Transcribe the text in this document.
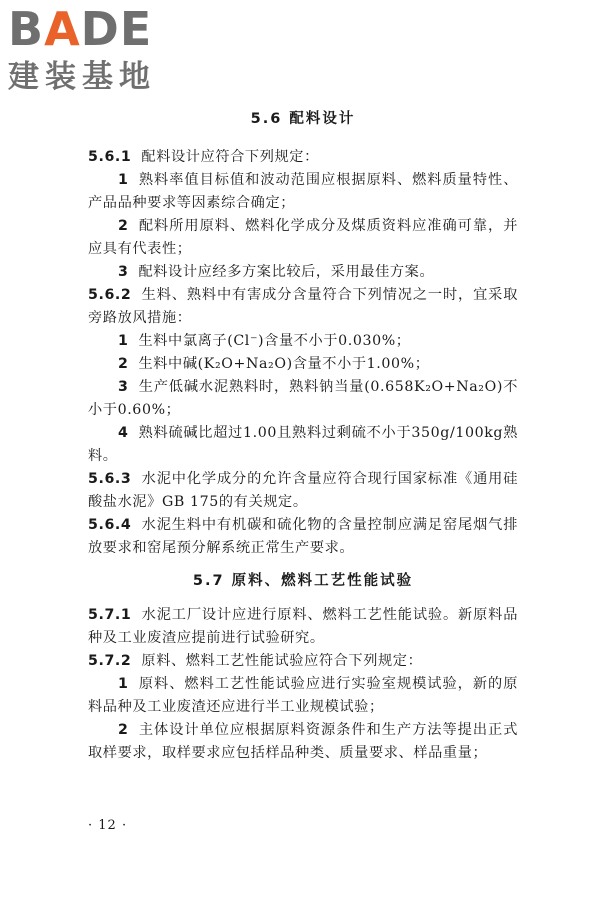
BADE
建装基地
5.6 配料设计

5.6.1 配料设计应符合下列规定：

1 熟料率值目标值和波动范围应根据原料、燃料质量特性、产品品种要求等因素综合确定；

2 配料所用原料、燃料化学成分及煤质资料应准确可靠，并应具有代表性；

3 配料设计应经多方案比较后，采用最佳方案。

5.6.2 生料、熟料中有害成分含量符合下列情况之一时，宜采取旁路放风措施：

1 生料中氯离子(Cl⁻)含量不小于0.030%；

2 生料中碱(K₂O+Na₂O)含量不小于1.00%；

3 生产低碱水泥熟料时，熟料钠当量(0.658K₂O+Na₂O)不小于0.60%；

4 熟料硫碱比超过1.00且熟料过剩硫不小于350g/100kg熟料。

5.6.3 水泥中化学成分的允许含量应符合现行国家标准《通用硅酸盐水泥》GB 175的有关规定。

5.6.4 水泥生料中有机碳和硫化物的含量控制应满足窑尾烟气排放要求和窑尾预分解系统正常生产要求。

5.7 原料、燃料工艺性能试验

5.7.1 水泥工厂设计应进行原料、燃料工艺性能试验。新原料品种及工业废渣应提前进行试验研究。

5.7.2 原料、燃料工艺性能试验应符合下列规定：

1 原料、燃料工艺性能试验应进行实验室规模试验，新的原料品种及工业废渣还应进行半工业规模试验；

2 主体设计单位应根据原料资源条件和生产方法等提出正式取样要求，取样要求应包括样品种类、质量要求、样品重量；

· 12 ·
